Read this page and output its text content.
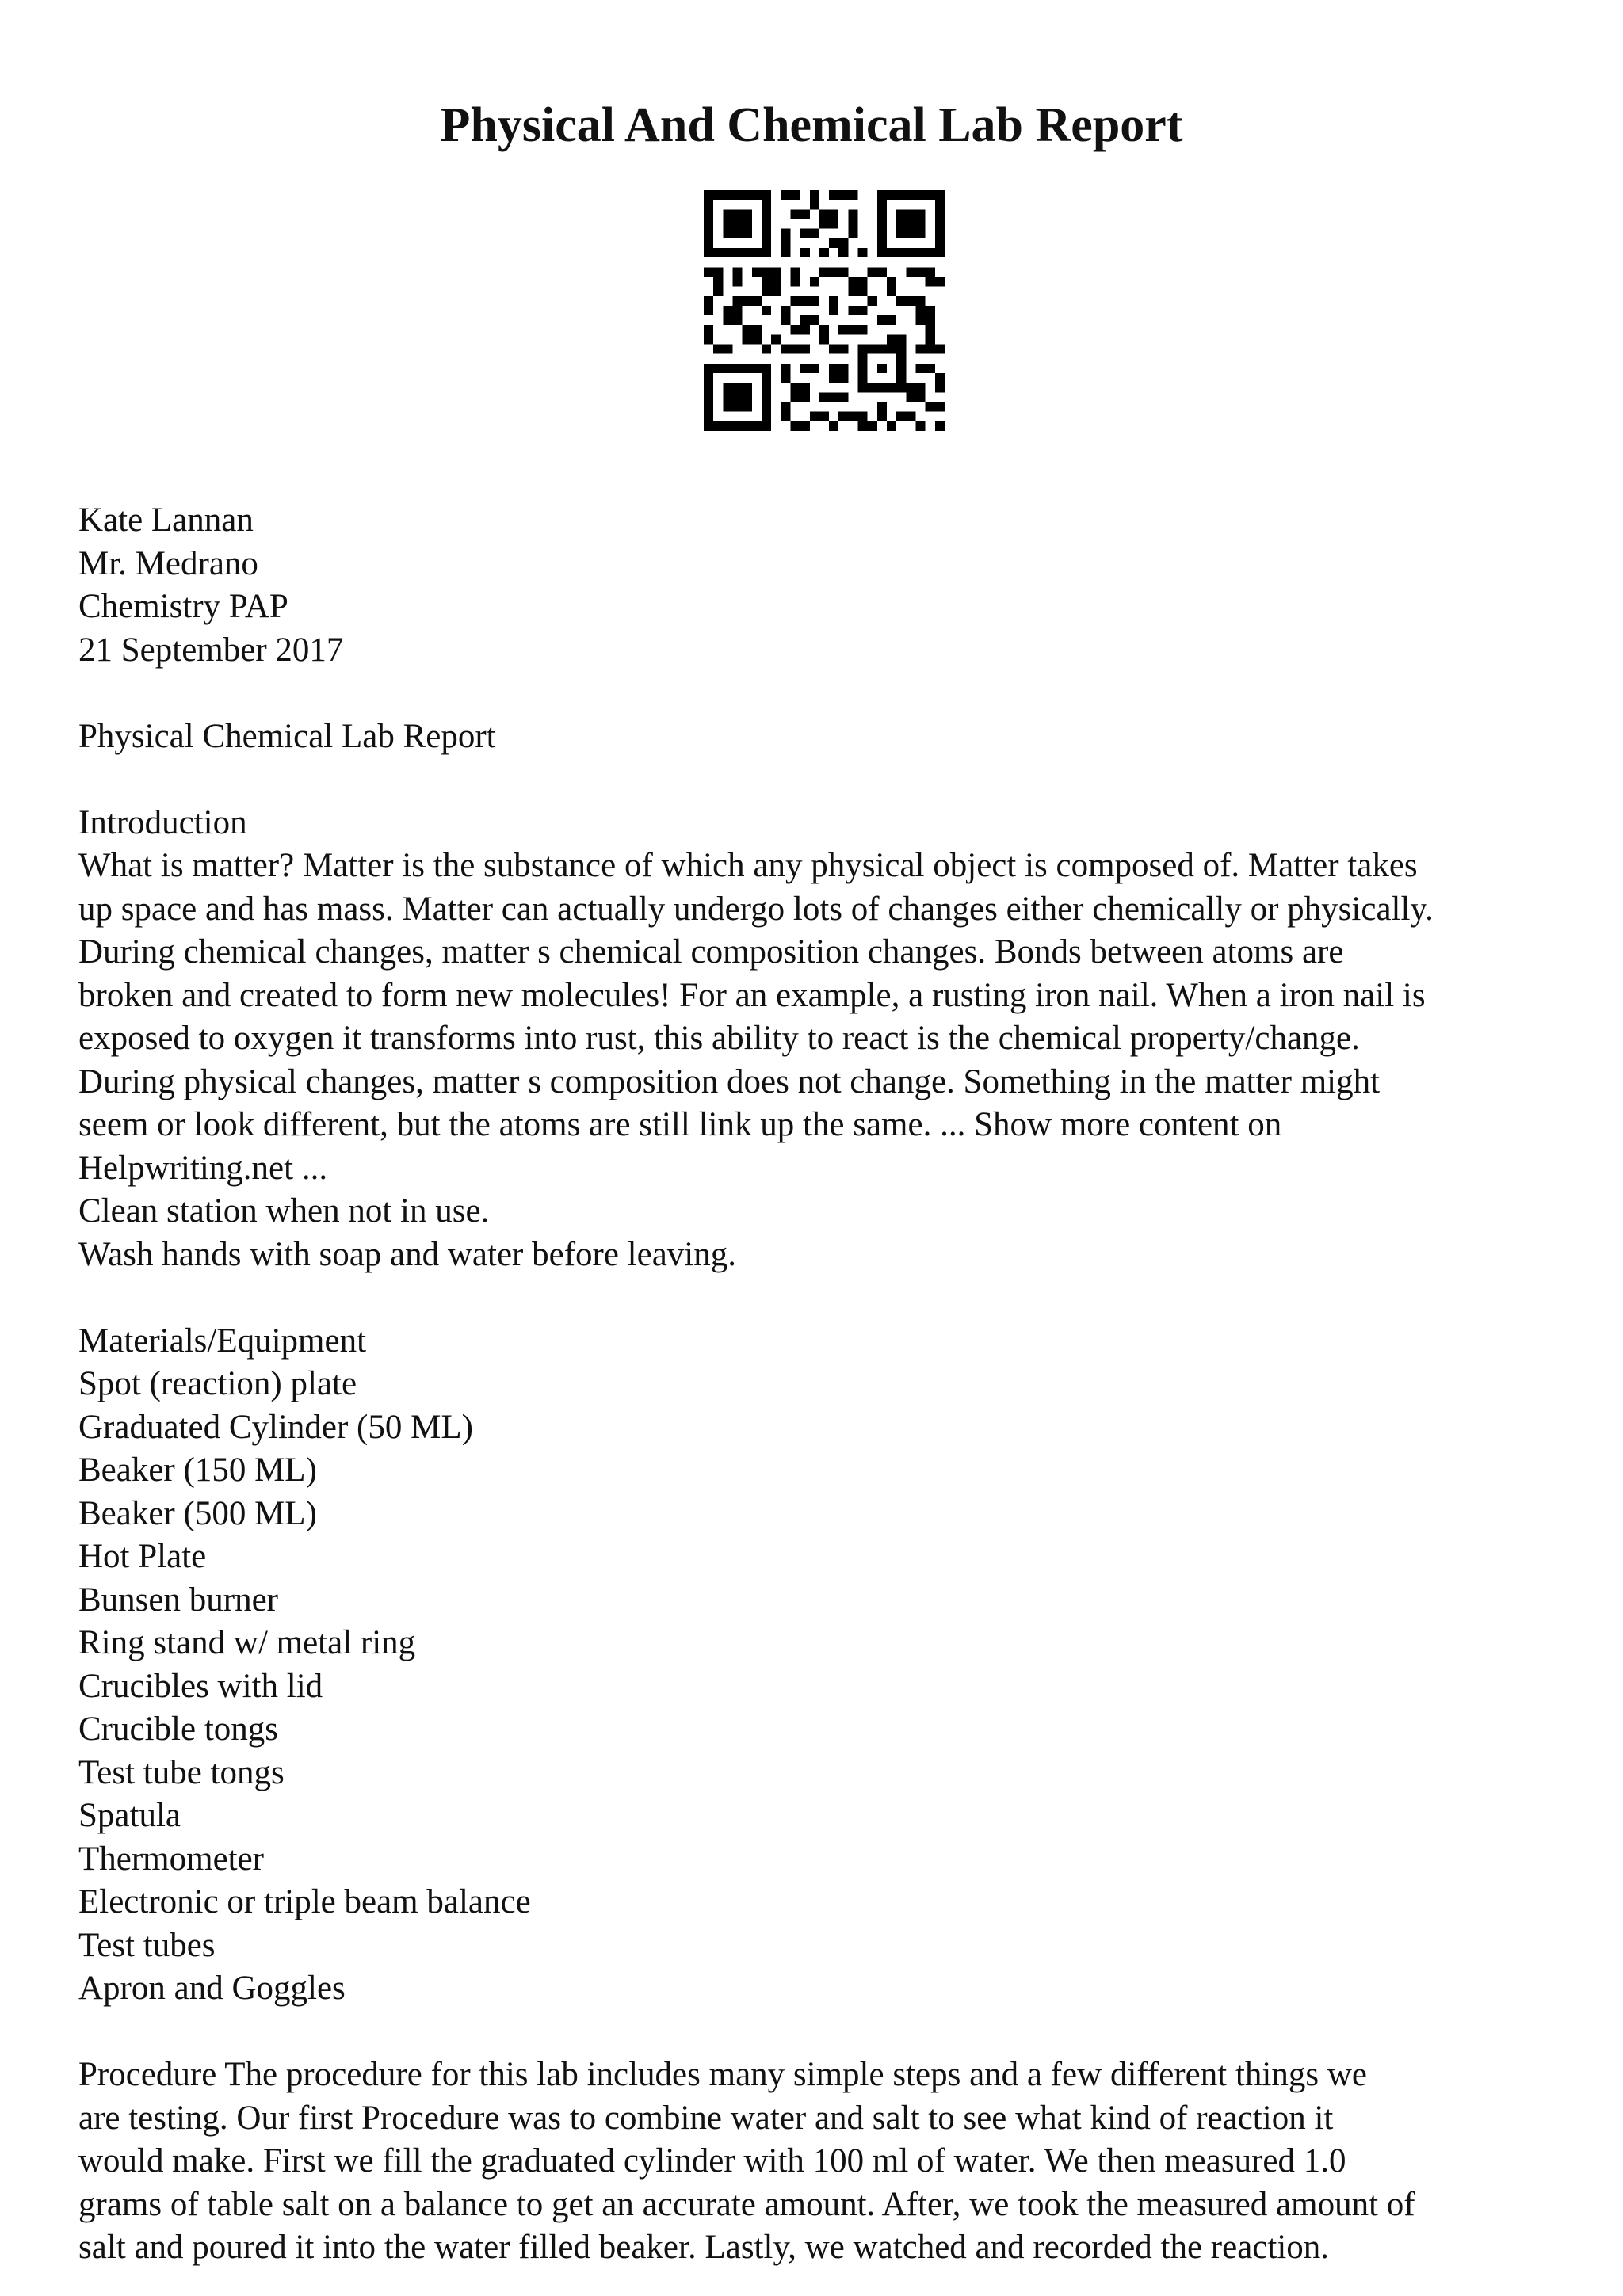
Physical And Chemical Lab Report
Kate Lannan
Mr. Medrano
Chemistry PAP
21 September 2017
Physical Chemical Lab Report
Introduction
What is matter? Matter is the substance of which any physical object is composed of. Matter takes
up space and has mass. Matter can actually undergo lots of changes either chemically or physically.
During chemical changes, matter s chemical composition changes. Bonds between atoms are
broken and created to form new molecules! For an example, a rusting iron nail. When a iron nail is
exposed to oxygen it transforms into rust, this ability to react is the chemical property/change.
During physical changes, matter s composition does not change. Something in the matter might
seem or look different, but the atoms are still link up the same. ... Show more content on
Helpwriting.net ...
Clean station when not in use.
Wash hands with soap and water before leaving.
Materials/Equipment
Spot (reaction) plate
Graduated Cylinder (50 ML)
Beaker (150 ML)
Beaker (500 ML)
Hot Plate
Bunsen burner
Ring stand w/ metal ring
Crucibles with lid
Crucible tongs
Test tube tongs
Spatula
Thermometer
Electronic or triple beam balance
Test tubes
Apron and Goggles
Procedure The procedure for this lab includes many simple steps and a few different things we
are testing. Our first Procedure was to combine water and salt to see what kind of reaction it
would make. First we fill the graduated cylinder with 100 ml of water. We then measured 1.0
grams of table salt on a balance to get an accurate amount. After, we took the measured amount of
salt and poured it into the water filled beaker. Lastly, we watched and recorded the reaction.
